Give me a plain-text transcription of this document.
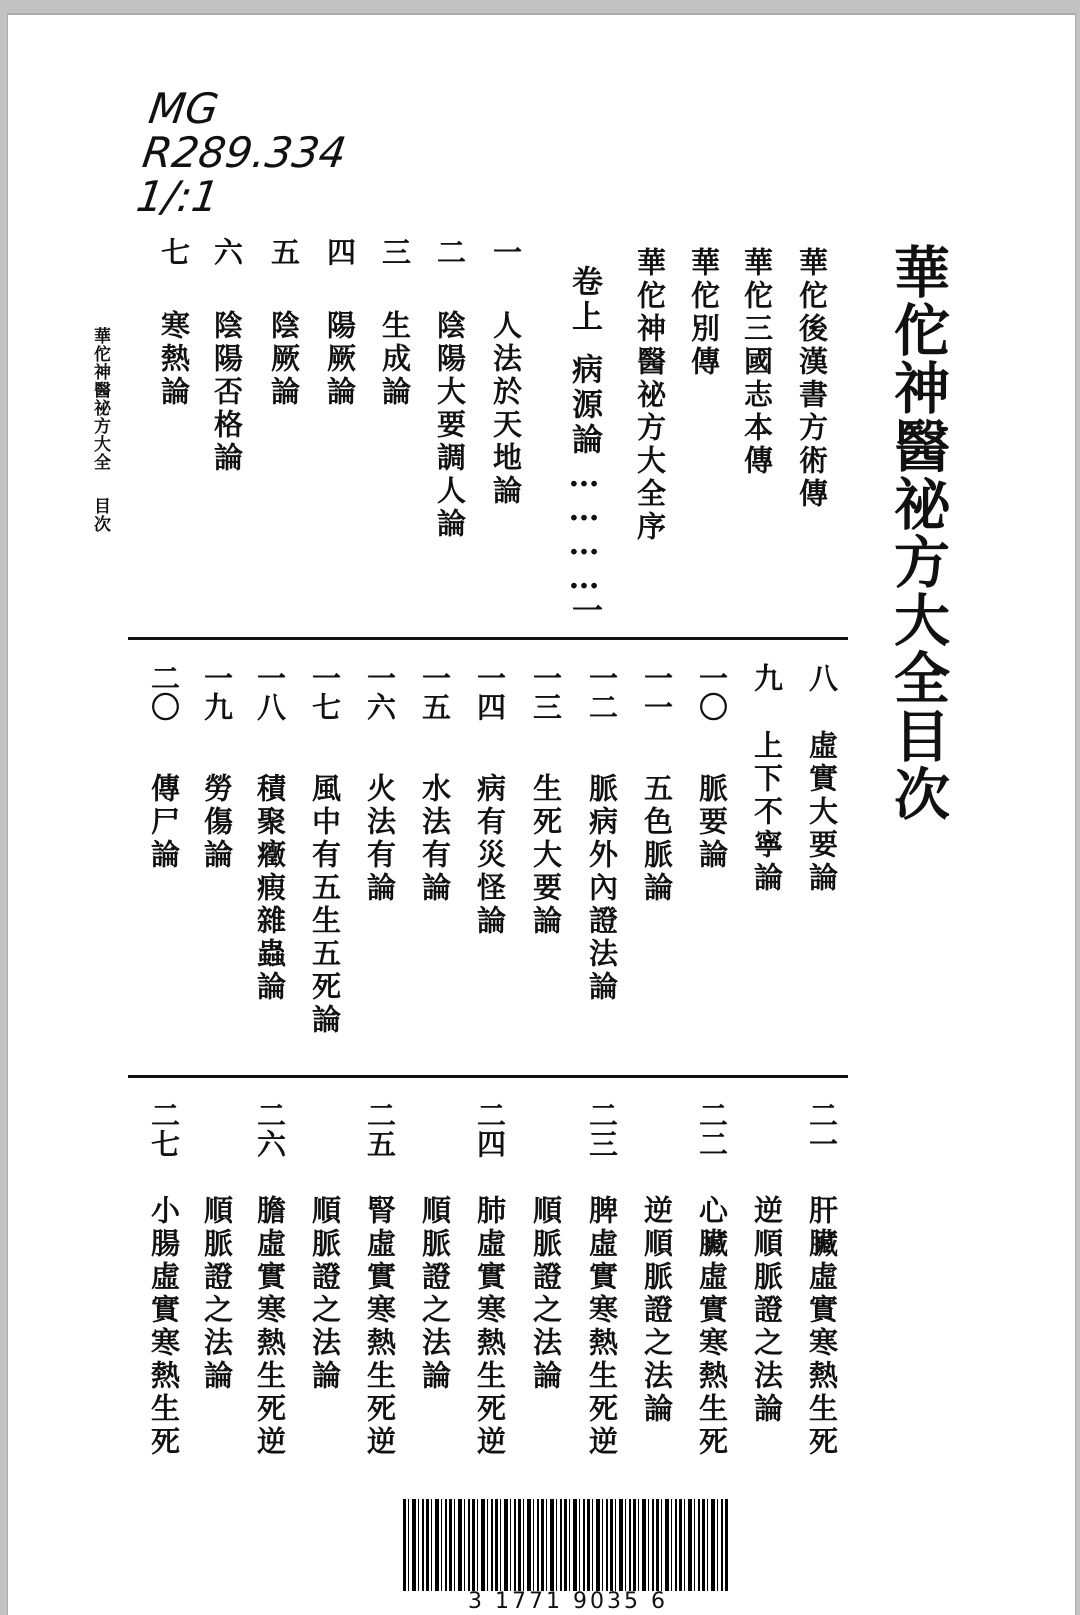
MG
R289.334
1/:1
華佗神醫祕方大全目次
華佗後漢書方術傳
華佗三國志本傳
華佗別傳
華佗神醫祕方大全序
卷上病源論…………一
一
人法於天地論
二
陰陽大要調人論
三
生成論
四
陽厥論
五
陰厥論
六
陰陽否格論
七
寒熱論
華佗神醫祕方大全目次
八
虛實大要論
九
上下不寧論
一〇
脈要論
一一
五色脈論
一二
脈病外內證法論
一三
生死大要論
一四
病有災怪論
一五
水法有論
一六
火法有論
一七
風中有五生五死論
一八
積聚癥瘕雜蟲論
一九
勞傷論
二〇
傳尸論
二一
肝臟虛實寒熱生死
逆順脈證之法論
二二
心臟虛實寒熱生死
逆順脈證之法論
二三
脾虛實寒熱生死逆
順脈證之法論
二四
肺虛實寒熱生死逆
順脈證之法論
二五
腎虛實寒熱生死逆
順脈證之法論
二六
膽虛實寒熱生死逆
順脈證之法論
二七
小腸虛實寒熱生死
3 1771 9035 6
